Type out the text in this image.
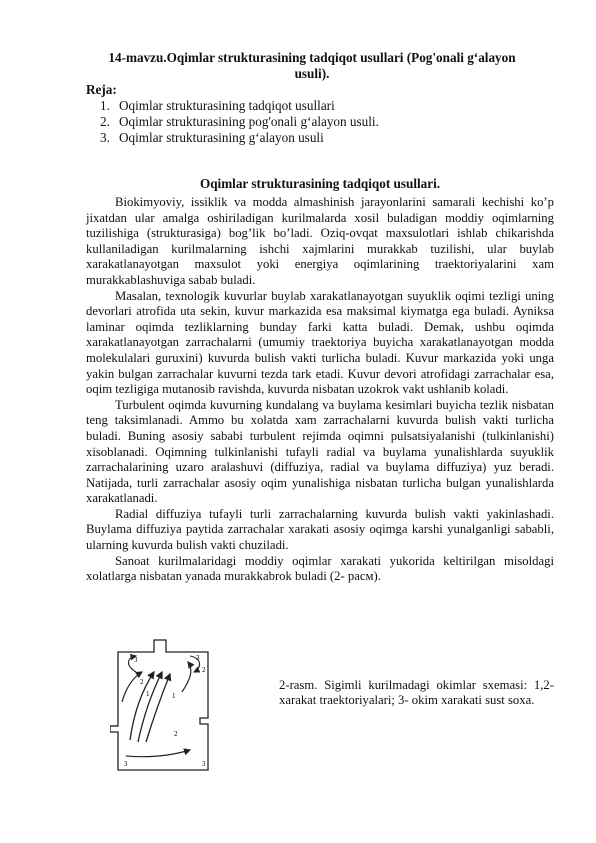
14-mavzu.Oqimlar strukturasining tadqiqot usullari (Pog'onali g‘alayon usuli).
Reja:
1. Oqimlar strukturasining tadqiqot usullari
2. Oqimlar strukturasining pog'onali g‘alayon usuli.
3. Oqimlar strukturasining g‘alayon usuli
Oqimlar strukturasining tadqiqot usullari.

Biokimyoviy, issiklik va modda almashinish jarayonlarini samarali kechishi ko’p jixatdan ular amalga oshiriladigan kurilmalarda xosil buladigan moddiy oqimlarning tuzilishiga (strukturasiga) bog’lik bo’ladi. Oziq-ovqat maxsulotlari ishlab chikarishda kullaniladigan kurilmalarning ishchi xajmlarini murakkab tuzilishi, ular buylab xarakatlanayotgan maxsulot yoki energiya oqimlarining traektoriyalarini xam murakkablashuviga sabab buladi.

Masalan, texnologik kuvurlar buylab xarakatlanayotgan suyuklik oqimi tezligi uning devorlari atrofida uta sekin, kuvur markazida esa maksimal kiymatga ega buladi. Ayniksa laminar oqimda tezliklarning bunday farki katta buladi. Demak, ushbu oqimda xarakatlanayotgan zarrachalarni (umumiy traektoriya buyicha xarakatlanayotgan modda molekulalari guruxini) kuvurda bulish vakti turlicha buladi. Kuvur markazida yoki unga yakin bulgan zarrachalar kuvurni tezda tark etadi. Kuvur devori atrofidagi zarrachalar esa, oqim tezligiga mutanosib ravishda, kuvurda nisbatan uzokrok vakt ushlanib koladi.

Turbulent oqimda kuvurning kundalang va buylama kesimlari buyicha tezlik nisbatan teng taksimlanadi. Ammo bu xolatda xam zarrachalarni kuvurda bulish vakti turlicha buladi. Buning asosiy sababi turbulent rejimda oqimni pulsatsiyalanishi (tulkinlanishi) xisoblanadi. Oqimning tulkinlanishi tufayli radial va buylama yunalishlarda suyuklik zarrachalarining uzaro aralashuvi (diffuziya, radial va buylama diffuziya) yuz beradi. Natijada, turli zarrachalar asosiy oqim yunalishiga nisbatan turlicha bulgan yunalishlarda xarakatlanadi.

Radial diffuziya tufayli turli zarrachalarning kuvurda bulish vakti yakinlashadi. Buylama diffuziya paytida zarrachalar xarakati asosiy oqimga karshi yunalganligi sababli, ularning kuvurda bulish vakti chuziladi.

Sanoat kurilmalaridagi moddiy oqimlar xarakati yukorida keltirilgan misoldagi xolatlarga nisbatan yanada murakkabrok buladi (2- расм).

3	3
2
2
1	1
2
3	3
2-rasm. Sigimli kurilmadagi okimlar sxemasi: 1,2-xarakat traektoriyalari; 3- okim xarakati sust soxa.
